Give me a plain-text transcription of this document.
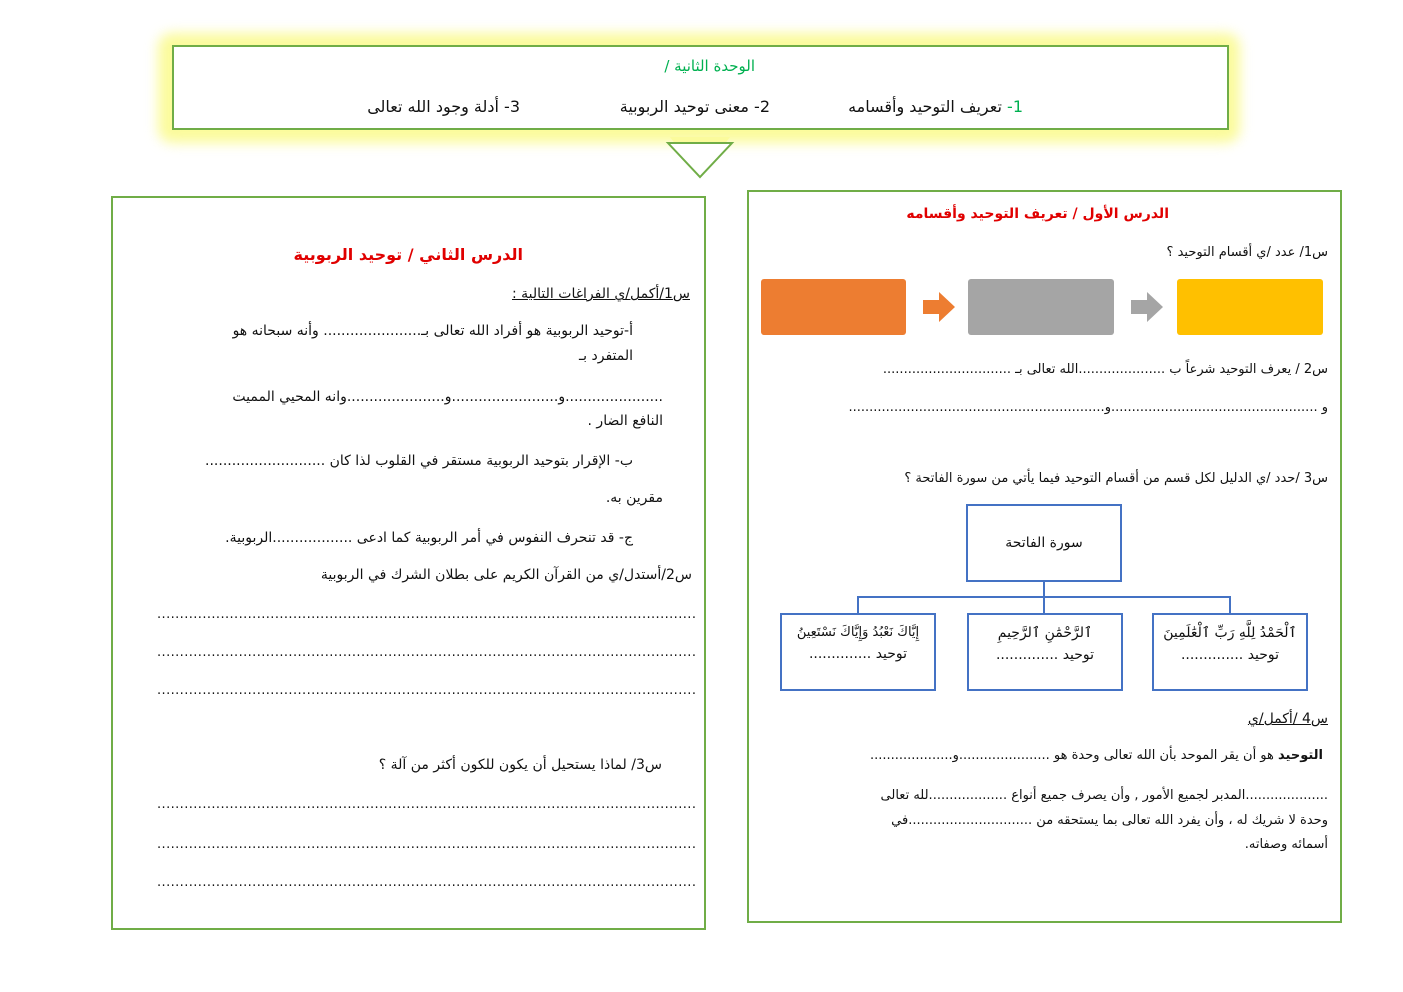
الوحدة الثانية /
1- تعريف التوحيد وأقسامه
2- معنى توحيد الربوبية
3- أدلة وجود الله تعالى
الدرس الأول / تعريف التوحيد وأقسامه
س1/ عدد /ي أقسام التوحيد ؟
س2 / يعرف التوحيد شرعاً ب .....................الله تعالى بـ ...............................
و ..................................................و..............................................................
س3 /حدد /ي الدليل لكل قسم من أقسام التوحيد فيما يأتي من سورة الفاتحة ؟
سورة الفاتحة
ٱلْحَمْدُ لِلَّهِ رَبِّ ٱلْعَٰلَمِينَ
توحيد ..............
ٱلرَّحْمَٰنِ ٱلرَّحِيمِ
توحيد ..............
إِيَّاكَ نَعْبُدُ وَإِيَّاكَ نَسْتَعِينُ
توحيد ..............
س4 /أكمل/ي
التوحيد هو أن يقر الموحد بأن الله تعالى وحدة هو ......................و....................
....................المدبر لجميع الأمور , وأن يصرف جميع أنواع ...................لله تعالى
وحدة لا شريك له ، وأن يفرد الله تعالى بما يستحقه من ..............................في
أسمائه وصفاته.
الدرس الثاني / توحيد الربوبية
س1/أكمل/ي الفراغات التالية :
أ-توحيد الربوبية هو أفراد الله تعالى بـ...................... وأنه سبحانه هو
المتفرد بـ
......................و........................و......................وانه المحيي المميت
النافع الضار .
ب- الإقرار بتوحيد الربوبية مستقر في القلوب لذا كان ...........................
مقرين به.
ج- قد تنحرف النفوس في أمر الربوبية كما ادعى ..................الربوبية.
س2/أستدل/ي من القرآن الكريم على بطلان الشرك في الربوبية
.......................................................................................................................
.......................................................................................................................
.......................................................................................................................
س3/ لماذا يستحيل أن يكون للكون أكثر من آلة ؟
.......................................................................................................................
.......................................................................................................................
.......................................................................................................................
